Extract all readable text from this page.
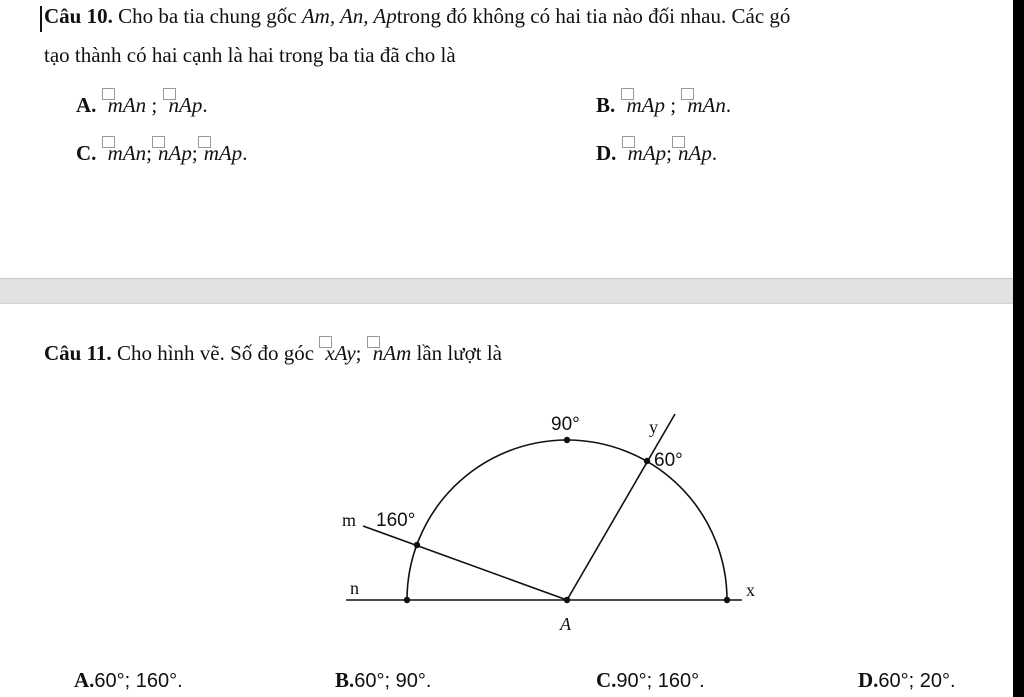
Câu 10. Cho ba tia chung gốc Am, An, Aptrong đó không có hai tia nào đối nhau. Các gó
tạo thành có hai cạnh là hai trong ba tia đã cho là
A. mAn ; nAp.	B. mAp ; mAn.
C. mAn; nAp; mAp.	D. mAp; nAp.
Câu 11. Cho hình vẽ. Số đo góc xAy; nAm lần lượt là
90°
60°
160°
y
m
n	x
A
A.60°; 160°.	B.60°; 90°.	C.90°; 160°.	D.60°; 20°.
